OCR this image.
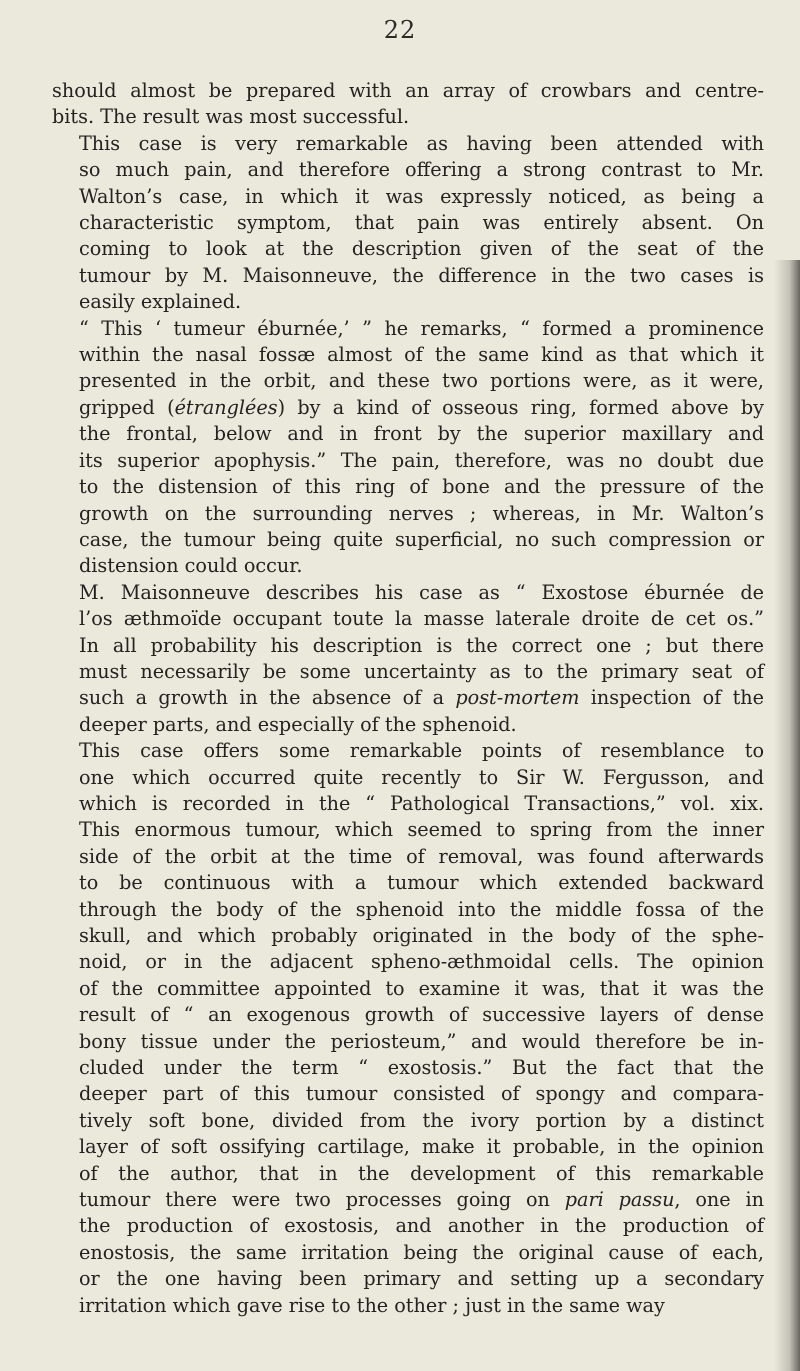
22

should almost be prepared with an array of crowbars and centre-
bits. The result was most successful.

This case is very remarkable as having been attended with
so much pain, and therefore offering a strong contrast to Mr.
Walton’s case, in which it was expressly noticed, as being a
characteristic symptom, that pain was entirely absent. On
coming to look at the description given of the seat of the
tumour by M. Maisonneuve, the difference in the two cases is
easily explained.

“ This ‘ tumeur éburnée,’ ” he remarks, “ formed a prominence
within the nasal fossæ almost of the same kind as that which it
presented in the orbit, and these two portions were, as it were,
gripped (étranglées) by a kind of osseous ring, formed above by
the frontal, below and in front by the superior maxillary and
its superior apophysis.” The pain, therefore, was no doubt due
to the distension of this ring of bone and the pressure of the
growth on the surrounding nerves ; whereas, in Mr. Walton’s
case, the tumour being quite superficial, no such compression or
distension could occur.

M. Maisonneuve describes his case as “ Exostose éburnée de
l’os æthmoïde occupant toute la masse laterale droite de cet os.”
In all probability his description is the correct one ; but there
must necessarily be some uncertainty as to the primary seat of
such a growth in the absence of a post-mortem inspection of the
deeper parts, and especially of the sphenoid.

This case offers some remarkable points of resemblance to
one which occurred quite recently to Sir W. Fergusson, and
which is recorded in the “ Pathological Transactions,” vol. xix.
This enormous tumour, which seemed to spring from the inner
side of the orbit at the time of removal, was found afterwards
to be continuous with a tumour which extended backward
through the body of the sphenoid into the middle fossa of the
skull, and which probably originated in the body of the sphe-
noid, or in the adjacent spheno-æthmoidal cells. The opinion
of the committee appointed to examine it was, that it was the
result of “ an exogenous growth of successive layers of dense
bony tissue under the periosteum,” and would therefore be in-
cluded under the term “ exostosis.” But the fact that the
deeper part of this tumour consisted of spongy and compara-
tively soft bone, divided from the ivory portion by a distinct
layer of soft ossifying cartilage, make it probable, in the opinion
of the author, that in the development of this remarkable
tumour there were two processes going on pari passu, one in
the production of exostosis, and another in the production of
enostosis, the same irritation being the original cause of each,
or the one having been primary and setting up a secondary
irritation which gave rise to the other ; just in the same way
